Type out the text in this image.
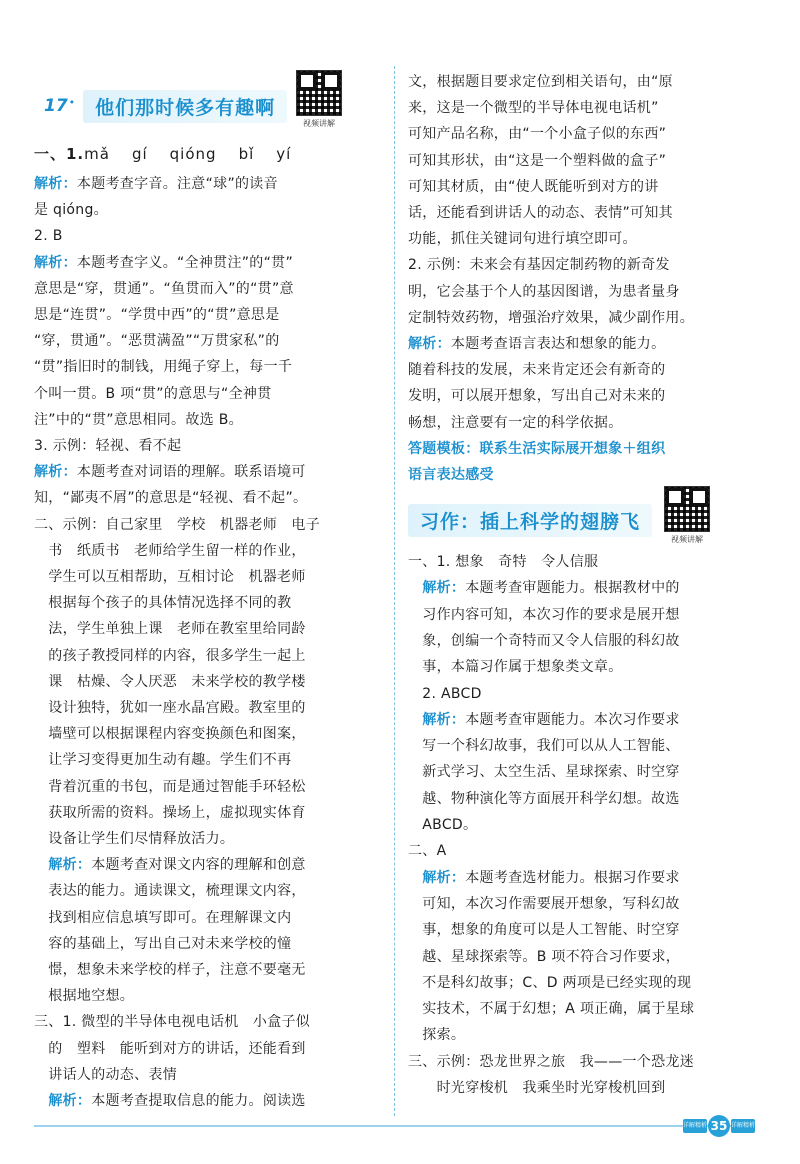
17 •	他们那时候多有趣啊
视频讲解
一、1.mǎ gí qióng bǐ yí
解析：本题考查字音。注意“球”的读音
是 qióng。
2. B
解析：本题考查字义。“全神贯注”的“贯”
意思是“穿，贯通”。“鱼贯而入”的“贯”意
思是“连贯”。“学贯中西”的“贯”意思是
“穿，贯通”。“恶贯满盈”“万贯家私”的
“贯”指旧时的制钱，用绳子穿上，每一千
个叫一贯。B 项“贯”的意思与“全神贯
注”中的“贯”意思相同。故选 B。
3. 示例：轻视、看不起
解析：本题考查对词语的理解。联系语境可
知，“鄙夷不屑”的意思是“轻视、看不起”。
二、示例：自己家里　学校　机器老师　电子
　书　纸质书　老师给学生留一样的作业，
　学生可以互相帮助，互相讨论　机器老师
　根据每个孩子的具体情况选择不同的教
　法，学生单独上课　老师在教室里给同龄
　的孩子教授同样的内容，很多学生一起上
　课　枯燥、令人厌恶　未来学校的教学楼
　设计独特，犹如一座水晶宫殿。教室里的
　墙壁可以根据课程内容变换颜色和图案，
　让学习变得更加生动有趣。学生们不再
　背着沉重的书包，而是通过智能手环轻松
　获取所需的资料。操场上，虚拟现实体育
　设备让学生们尽情释放活力。
　解析：本题考查对课文内容的理解和创意
　表达的能力。通读课文，梳理课文内容，
　找到相应信息填写即可。在理解课文内
　容的基础上，写出自己对未来学校的憧
　憬，想象未来学校的样子，注意不要毫无
　根据地空想。
三、1. 微型的半导体电视电话机　小盒子似
　的　塑料　能听到对方的讲话，还能看到
　讲话人的动态、表情
　解析：本题考查提取信息的能力。阅读选
文，根据题目要求定位到相关语句，由“原
来，这是一个微型的半导体电视电话机”
可知产品名称，由“一个小盒子似的东西”
可知其形状，由“这是一个塑料做的盒子”
可知其材质，由“使人既能听到对方的讲
话，还能看到讲话人的动态、表情”可知其
功能，抓住关键词句进行填空即可。
2. 示例：未来会有基因定制药物的新奇发
明，它会基于个人的基因图谱，为患者量身
定制特效药物，增强治疗效果，减少副作用。
解析：本题考查语言表达和想象的能力。
随着科技的发展，未来肯定还会有新奇的
发明，可以展开想象，写出自己对未来的
畅想，注意要有一定的科学依据。
答题模板：联系生活实际展开想象＋组织
语言表达感受
习作：插上科学的翅膀飞
视频讲解
一、1. 想象　奇特　令人信服
　解析：本题考查审题能力。根据教材中的
　习作内容可知，本次习作的要求是展开想
　象，创编一个奇特而又令人信服的科幻故
　事，本篇习作属于想象类文章。
　2. ABCD
　解析：本题考查审题能力。本次习作要求
　写一个科幻故事，我们可以从人工智能、
　新式学习、太空生活、星球探索、时空穿
　越、物种演化等方面展开科学幻想。故选
　ABCD。
二、A
　解析：本题考查选材能力。根据习作要求
　可知，本次习作需要展开想象，写科幻故
　事，想象的角度可以是人工智能、时空穿
　越、星球探索等。B 项不符合习作要求，
　不是科幻故事；C、D 两项是已经实现的现
　实技术，不属于幻想；A 项正确，属于星球
　探索。
三、示例：恐龙世界之旅　我——一个恐龙迷
　　时光穿梭机　我乘坐时光穿梭机回到
详解精析 35 详解精析
